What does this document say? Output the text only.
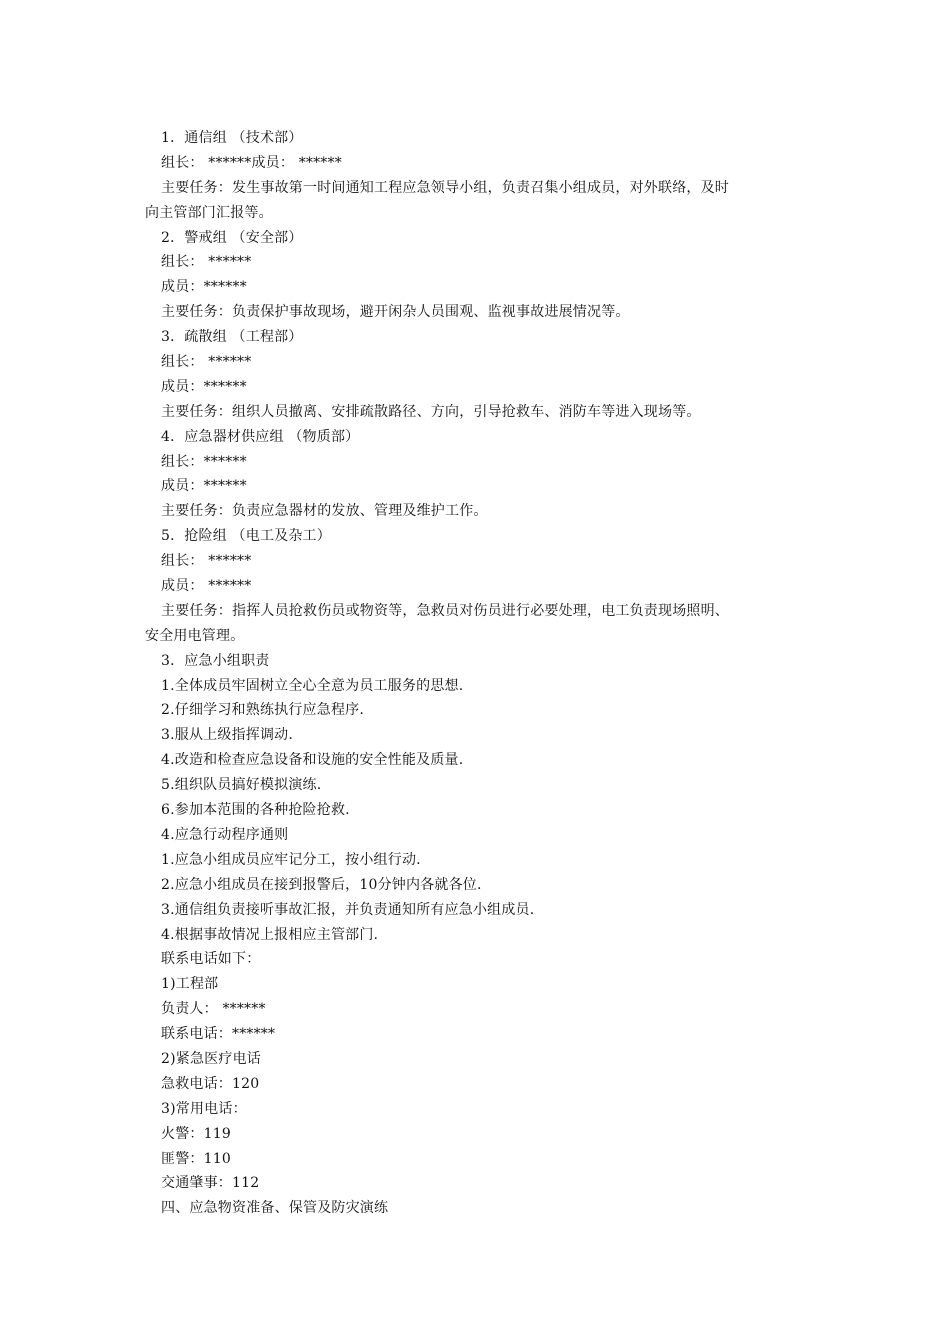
1．通信组 （技术部）
组长： ******成员： ******
主要任务：发生事故第一时间通知工程应急领导小组，负责召集小组成员，对外联络，及时
向主管部门汇报等。
2．警戒组 （安全部）
组长： ******
成员：******
主要任务：负责保护事故现场，避开闲杂人员围观、监视事故进展情况等。
3．疏散组 （工程部）
组长： ******
成员：******
主要任务：组织人员撤离、安排疏散路径、方向，引导抢救车、消防车等进入现场等。
4．应急器材供应组 （物质部）
组长：******
成员：******
主要任务：负责应急器材的发放、管理及维护工作。
5．抢险组 （电工及杂工）
组长： ******
成员： ******
主要任务：指挥人员抢救伤员或物资等，急救员对伤员进行必要处理，电工负责现场照明、
安全用电管理。
3．应急小组职责
1.全体成员牢固树立全心全意为员工服务的思想.
2.仔细学习和熟练执行应急程序.
3.服从上级指挥调动.
4.改造和检查应急设备和设施的安全性能及质量.
5.组织队员搞好模拟演练.
6.参加本范围的各种抢险抢救.
4.应急行动程序通则
1.应急小组成员应牢记分工，按小组行动.
2.应急小组成员在接到报警后，10分钟内各就各位.
3.通信组负责接听事故汇报，并负责通知所有应急小组成员.
4.根据事故情况上报相应主管部门.
联系电话如下：
1)工程部
负责人： ******
联系电话：******
2)紧急医疗电话
急救电话：120
3)常用电话：
火警：119
匪警：110
交通肇事：112
四、应急物资准备、保管及防灾演练
